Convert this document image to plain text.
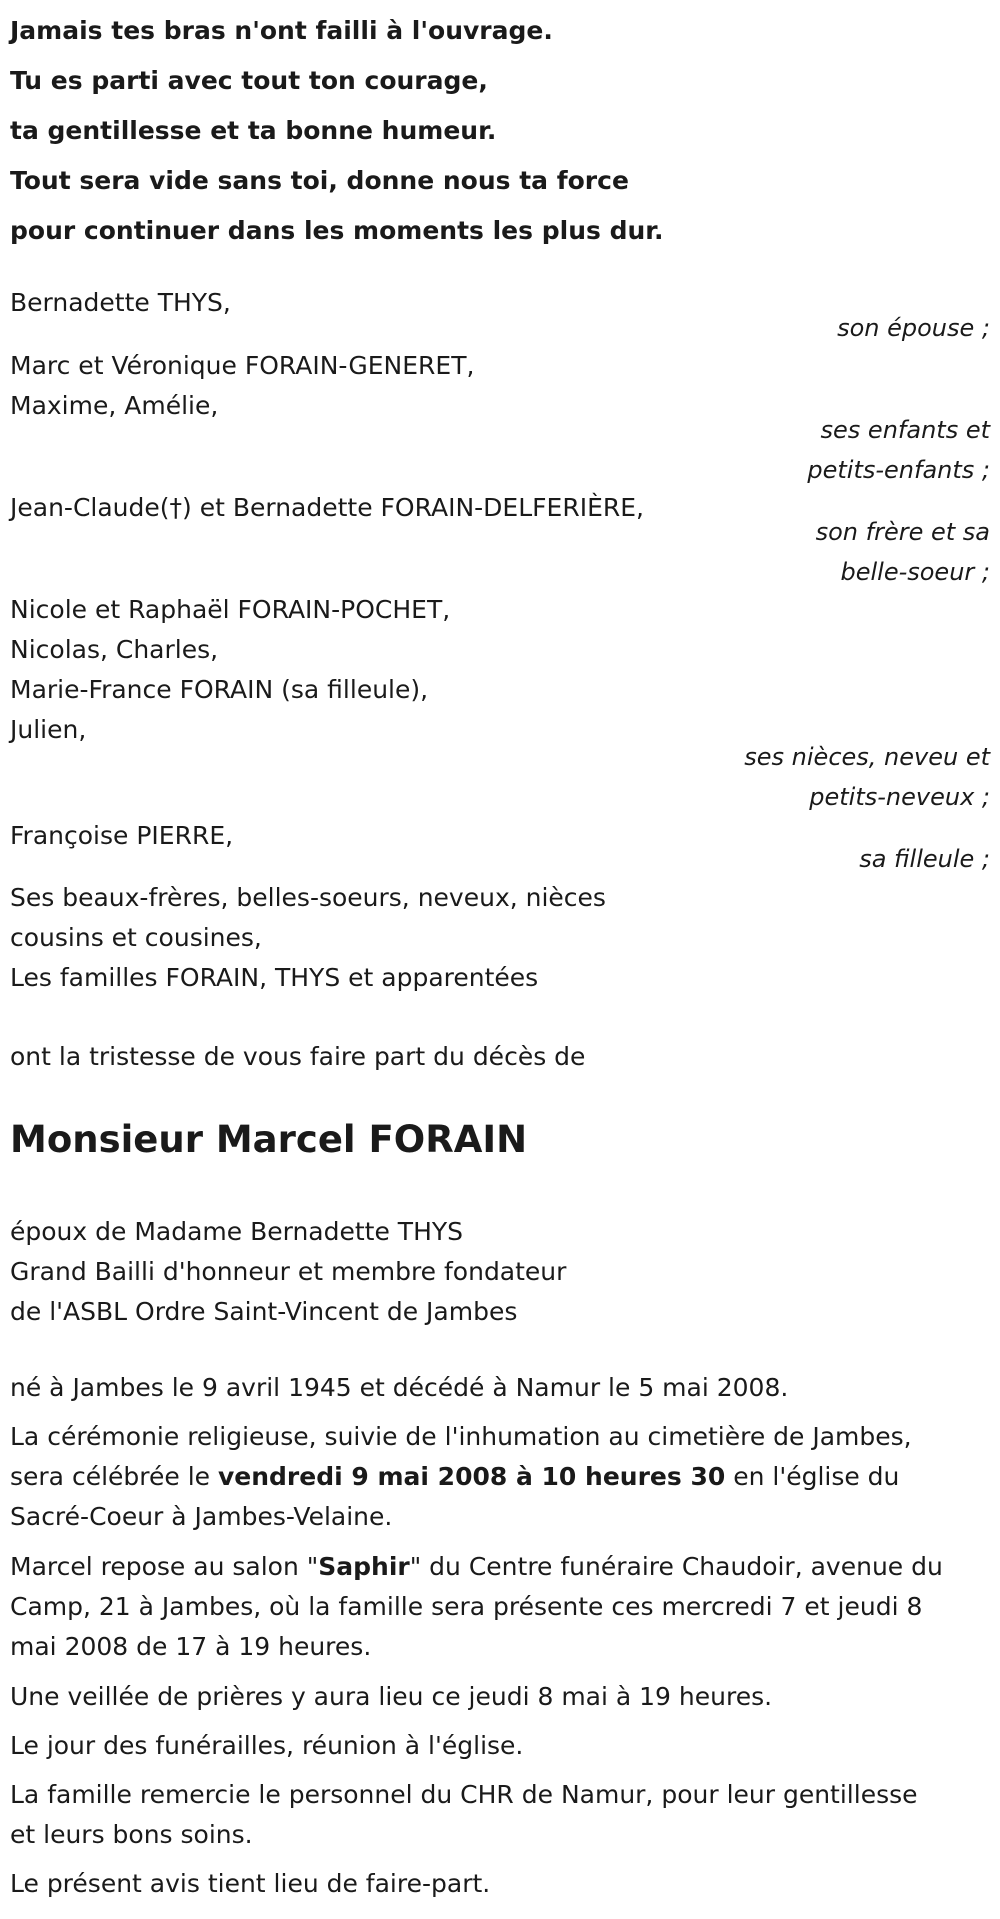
Jamais tes bras n'ont failli à l'ouvrage.
Tu es parti avec tout ton courage,
ta gentillesse et ta bonne humeur.
Tout sera vide sans toi, donne nous ta force
pour continuer dans les moments les plus dur.
Bernadette THYS,
son épouse ;
Marc et Véronique FORAIN-GENERET,
Maxime, Amélie,
ses enfants et
petits-enfants ;
Jean-Claude(†) et Bernadette FORAIN-DELFERIÈRE,
son frère et sa
belle-soeur ;
Nicole et Raphaël FORAIN-POCHET,
Nicolas, Charles,
Marie-France FORAIN (sa filleule),
Julien,
ses nièces, neveu et
petits-neveux ;
Françoise PIERRE,
sa filleule ;
Ses beaux-frères, belles-soeurs, neveux, nièces
cousins et cousines,
Les familles FORAIN, THYS et apparentées
ont la tristesse de vous faire part du décès de
Monsieur Marcel FORAIN
époux de Madame Bernadette THYS
Grand Bailli d'honneur et membre fondateur
de l'ASBL Ordre Saint-Vincent de Jambes
né à Jambes le 9 avril 1945 et décédé à Namur le 5 mai 2008.
La cérémonie religieuse, suivie de l'inhumation au cimetière de Jambes,
sera célébrée le vendredi 9 mai 2008 à 10 heures 30 en l'église du
Sacré-Coeur à Jambes-Velaine.
Marcel repose au salon "Saphir" du Centre funéraire Chaudoir, avenue du
Camp, 21 à Jambes, où la famille sera présente ces mercredi 7 et jeudi 8
mai 2008 de 17 à 19 heures.
Une veillée de prières y aura lieu ce jeudi 8 mai à 19 heures.
Le jour des funérailles, réunion à l'église.
La famille remercie le personnel du CHR de Namur, pour leur gentillesse
et leurs bons soins.
Le présent avis tient lieu de faire-part.
